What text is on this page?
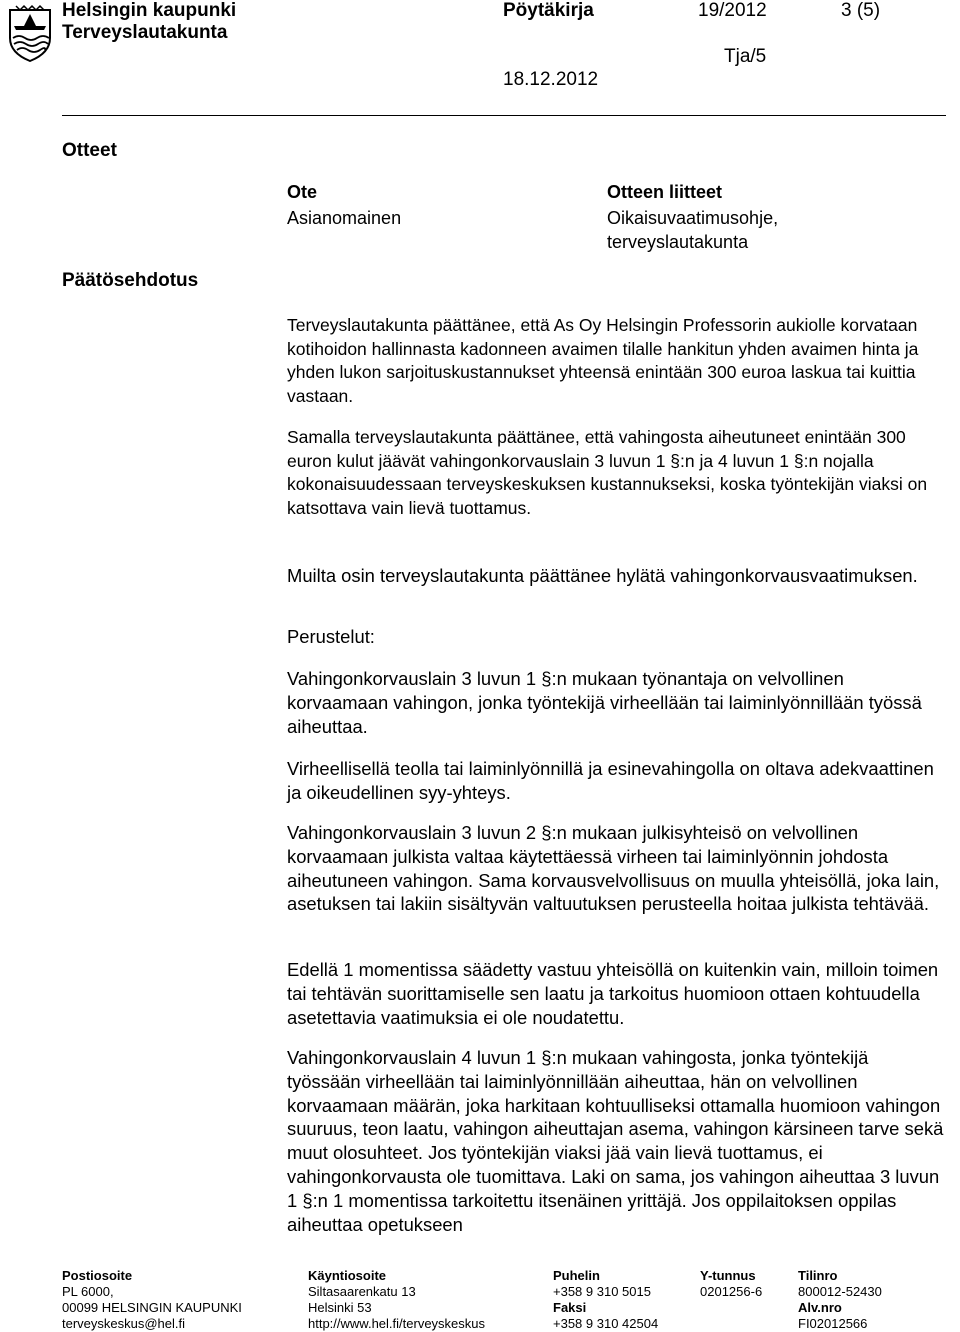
Helsingin kaupunki
Terveyslautakunta
Pöytäkirja	19/2012	3 (5)
Tja/5
18.12.2012
Otteet
Ote
Asianomainen
Otteen liitteet
Oikaisuvaatimusohje,
terveyslautakunta
Päätösehdotus

Terveyslautakunta päättänee, että As Oy Helsingin Professorin aukiolle korvataan kotihoidon hallinnasta kadonneen avaimen tilalle hankitun yhden avaimen hinta ja yhden lukon sarjoituskustannukset yhteensä enintään 300 euroa laskua tai kuittia vastaan.

Samalla terveyslautakunta päättänee, että vahingosta aiheutuneet enintään 300 euron kulut jäävät vahingonkorvauslain 3 luvun 1 §:n ja 4 luvun 1 §:n nojalla kokonaisuudessaan terveyskeskuksen kustannukseksi, koska työntekijän viaksi on katsottava vain lievä tuottamus.

Muilta osin terveyslautakunta päättänee hylätä vahingonkorvausvaatimuksen.

Perustelut:

Vahingonkorvauslain 3 luvun 1 §:n mukaan työnantaja on velvollinen korvaamaan vahingon, jonka työntekijä virheellään tai laiminlyönnillään työssä aiheuttaa.

Virheellisellä teolla tai laiminlyönnillä ja esinevahingolla on oltava adekvaattinen ja oikeudellinen syy-yhteys.

Vahingonkorvauslain 3 luvun 2 §:n mukaan julkisyhteisö on velvollinen korvaamaan julkista valtaa käytettäessä virheen tai laiminlyönnin johdosta aiheutuneen vahingon. Sama korvausvelvollisuus on muulla yhteisöllä, joka lain, asetuksen tai lakiin sisältyvän valtuutuksen perusteella hoitaa julkista tehtävää.

Edellä 1 momentissa säädetty vastuu yhteisöllä on kuitenkin vain, milloin toimen tai tehtävän suorittamiselle sen laatu ja tarkoitus huomioon ottaen kohtuudella asetettavia vaatimuksia ei ole noudatettu.

Vahingonkorvauslain 4 luvun 1 §:n mukaan vahingosta, jonka työntekijä työssään virheellään tai laiminlyönnillään aiheuttaa, hän on velvollinen korvaamaan määrän, joka harkitaan kohtuulliseksi ottamalla huomioon vahingon suuruus, teon laatu, vahingon aiheuttajan asema, vahingon kärsineen tarve sekä muut olosuhteet. Jos työntekijän viaksi jää vain lievä tuottamus, ei vahingonkorvausta ole tuomittava. Laki on sama, jos vahingon aiheuttaa 3 luvun 1 §:n 1 momentissa tarkoitettu itsenäinen yrittäjä. Jos oppilaitoksen oppilas aiheuttaa opetukseen

Postiosoite
PL 6000,
00099 HELSINGIN KAUPUNKI
terveyskeskus@hel.fi
Käyntiosoite
Siltasaarenkatu 13
Helsinki 53
http://www.hel.fi/terveyskeskus
Puhelin
+358 9 310 5015
Faksi
+358 9 310 42504
Y-tunnus
0201256-6
Tilinro
800012-52430
Alv.nro
FI02012566
